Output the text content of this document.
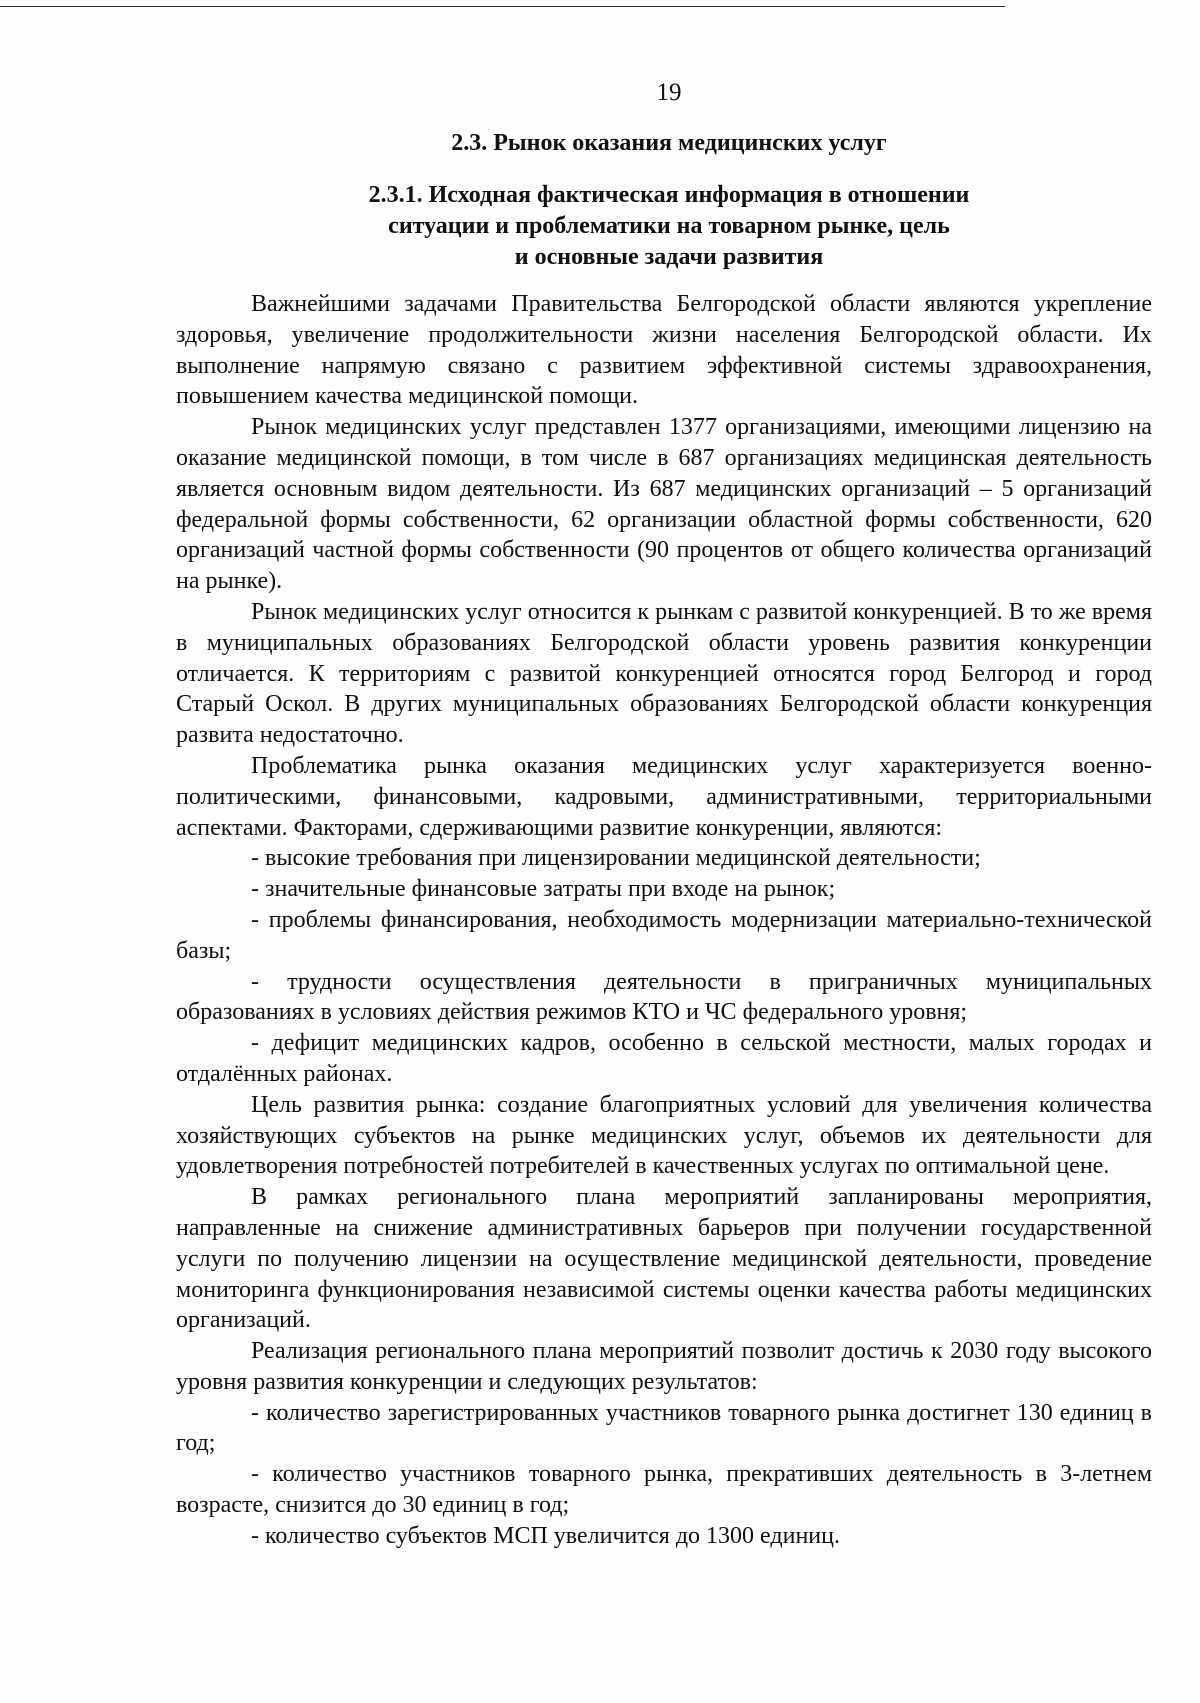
19
2.3. Рынок оказания медицинских услуг
2.3.1. Исходная фактическая информация в отношении
ситуации и проблематики на товарном рынке, цель
и основные задачи развития

Важнейшими задачами Правительства Белгородской области являются укрепление здоровья, увеличение продолжительности жизни населения Белгородской области. Их выполнение напрямую связано с развитием эффективной системы здравоохранения, повышением качества медицинской помощи.

Рынок медицинских услуг представлен 1377 организациями, имеющими лицензию на оказание медицинской помощи, в том числе в 687 организациях медицинская деятельность является основным видом деятельности. Из 687 медицинских организаций – 5 организаций федеральной формы собственности, 62 организации областной формы собственности, 620 организаций частной формы собственности (90 процентов от общего количества организаций на рынке).

Рынок медицинских услуг относится к рынкам с развитой конкуренцией. В то же время в муниципальных образованиях Белгородской области уровень развития конкуренции отличается. К территориям с развитой конкуренцией относятся город Белгород и город Старый Оскол. В других муниципальных образованиях Белгородской области конкуренция развита недостаточно.

Проблематика рынка оказания медицинских услуг характеризуется военно-политическими, финансовыми, кадровыми, административными, территориальными аспектами. Факторами, сдерживающими развитие конкуренции, являются:

- высокие требования при лицензировании медицинской деятельности;

- значительные финансовые затраты при входе на рынок;

- проблемы финансирования, необходимость модернизации материально-технической базы;

- трудности осуществления деятельности в приграничных муниципальных образованиях в условиях действия режимов КТО и ЧС федерального уровня;

- дефицит медицинских кадров, особенно в сельской местности, малых городах и отдалённых районах.

Цель развития рынка: создание благоприятных условий для увеличения количества хозяйствующих субъектов на рынке медицинских услуг, объемов их деятельности для удовлетворения потребностей потребителей в качественных услугах по оптимальной цене.

В рамках регионального плана мероприятий запланированы мероприятия, направленные на снижение административных барьеров при получении государственной услуги по получению лицензии на осуществление медицинской деятельности, проведение мониторинга функционирования независимой системы оценки качества работы медицинских организаций.

Реализация регионального плана мероприятий позволит достичь к 2030 году высокого уровня развития конкуренции и следующих результатов:

- количество зарегистрированных участников товарного рынка достигнет 130 единиц в год;

- количество участников товарного рынка, прекративших деятельность в 3-летнем возрасте, снизится до 30 единиц в год;

- количество субъектов МСП увеличится до 1300 единиц.
